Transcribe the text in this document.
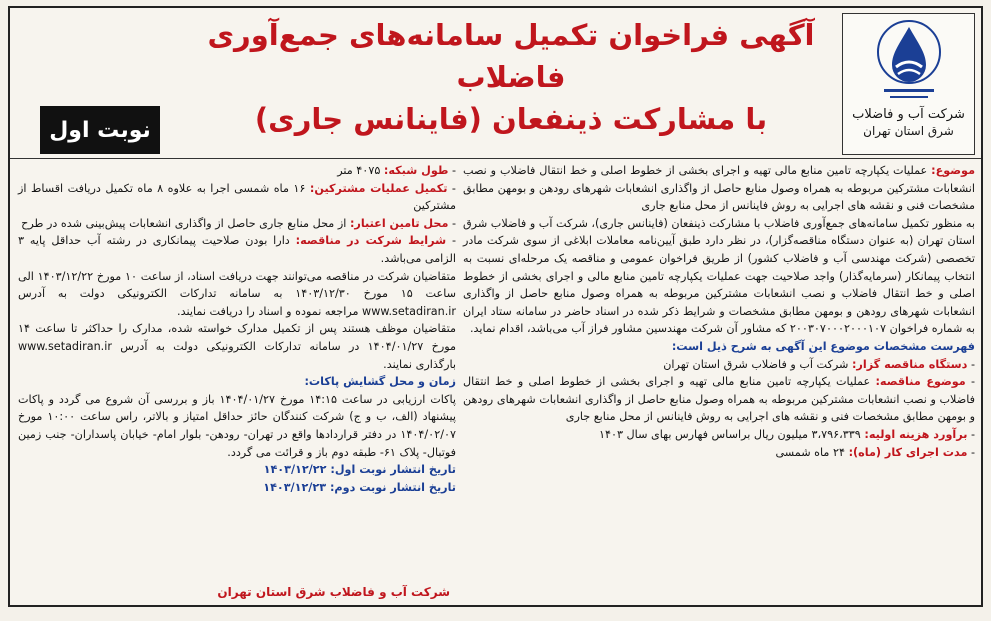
شرکت آب و فاضلاب
شرق استان تهران
آگهی فراخوان تکمیل سامانه‌های جمع‌آوری فاضلاب
با مشارکت ذینفعان (فاینانس جاری)
نوبت اول

موضوع: عملیات یکپارچه تامین منابع مالی تهیه و اجرای بخشی از خطوط اصلی و خط انتقال فاضلاب و نصب انشعابات مشترکین مربوطه به همراه وصول منابع حاصل از واگذاری انشعابات شهرهای رودهن و بومهن مطابق مشخصات فنی و نقشه های اجرایی به روش فاینانس از محل منابع جاری

به منظور تکمیل سامانه‌های جمع‌آوری فاضلاب با مشارکت ذینفعان (فاینانس جاری)، شرکت آب و فاضلاب شرق استان تهران (به عنوان دستگاه مناقصه‌گزار)، در نظر دارد طبق آیین‌نامه معاملات ابلاغی از سوی شرکت مادر تخصصی (شرکت مهندسی آب و فاضلاب کشور) از طریق فراخوان عمومی و مناقصه یک مرحله‌ای نسبت به انتخاب پیمانکار (سرمایه‌گذار) واجد صلاحیت جهت عملیات یکپارچه تامین منابع مالی و اجرای بخشی از خطوط اصلی و خط انتقال فاضلاب و نصب انشعابات مشترکین مربوطه به همراه وصول منابع حاصل از واگذاری انشعابات شهرهای رودهن و بومهن مطابق مشخصات و شرایط ذکر شده در اسناد حاضر در سامانه ستاد ایران به شماره فراخوان ۲۰۰۳۰۷۰۰۰۲۰۰۰۱۰۷ که مشاور آن شرکت مهندسین مشاور فراز آب می‌باشد، اقدام نماید.

فهرست مشخصات موضوع این آگهی به شرح ذیل است:

- دستگاه مناقصه گزار: شرکت آب و فاضلاب شرق استان تهران

- موضوع مناقصه: عملیات یکپارچه تامین منابع مالی تهیه و اجرای بخشی از خطوط اصلی و خط انتقال فاضلاب و نصب انشعابات مشترکین مربوطه به همراه وصول منابع حاصل از واگذاری انشعابات شهرهای رودهن و بومهن مطابق مشخصات فنی و نقشه های اجرایی به روش فاینانس از محل منابع جاری

- برآورد هزینه اولیه: ۳،۷۹۶،۳۳۹ میلیون ریال براساس فهارس بهای سال ۱۴۰۳

- مدت اجرای کار (ماه): ۲۴ ماه شمسی

- طول شبکه: ۴۰۷۵ متر

- تکمیل عملیات مشترکین: ۱۶ ماه شمسی اجرا به علاوه ۸ ماه تکمیل دریافت اقساط از مشترکین

- محل تامین اعتبار: از محل منابع جاری حاصل از واگذاری انشعابات پیش‌بینی شده در طرح

- شرایط شرکت در مناقصه: دارا بودن صلاحیت پیمانکاری در رشته آب حداقل پایه ۳ الزامی می‌باشد.

متقاضیان شرکت در مناقصه می‌توانند جهت دریافت اسناد، از ساعت ۱۰ مورخ ۱۴۰۳/۱۲/۲۲ الی ساعت ۱۵ مورخ ۱۴۰۳/۱۲/۳۰ به سامانه تدارکات الکترونیکی دولت به آدرس www.setadiran.ir مراجعه نموده و اسناد را دریافت نمایند.

متقاضیان موظف هستند پس از تکمیل مدارک خواسته شده، مدارک را حداکثر تا ساعت ۱۴ مورخ ۱۴۰۴/۰۱/۲۷ در سامانه تدارکات الکترونیکی دولت به آدرس www.setadiran.ir بارگذاری نمایند.

زمان و محل گشایش پاکات:

پاکات ارزیابی در ساعت ۱۴:۱۵ مورخ ۱۴۰۴/۰۱/۲۷ باز و بررسی آن شروع می گردد و پاکات پیشنهاد (الف، ب و ج) شرکت کنندگان حائز حداقل امتیاز و بالاتر، راس ساعت ۱۰:۰۰ مورخ ۱۴۰۴/۰۲/۰۷ در دفتر قراردادها واقع در تهران- رودهن- بلوار امام- خیابان پاسداران- جنب زمین فوتبال- پلاک ۶۱- طبقه دوم باز و قرائت می گردد.

تاریخ انتشار نوبت اول: ۱۴۰۳/۱۲/۲۲

تاریخ انتشار نوبت دوم: ۱۴۰۳/۱۲/۲۳

شرکت آب و فاضلاب شرق استان تهران
